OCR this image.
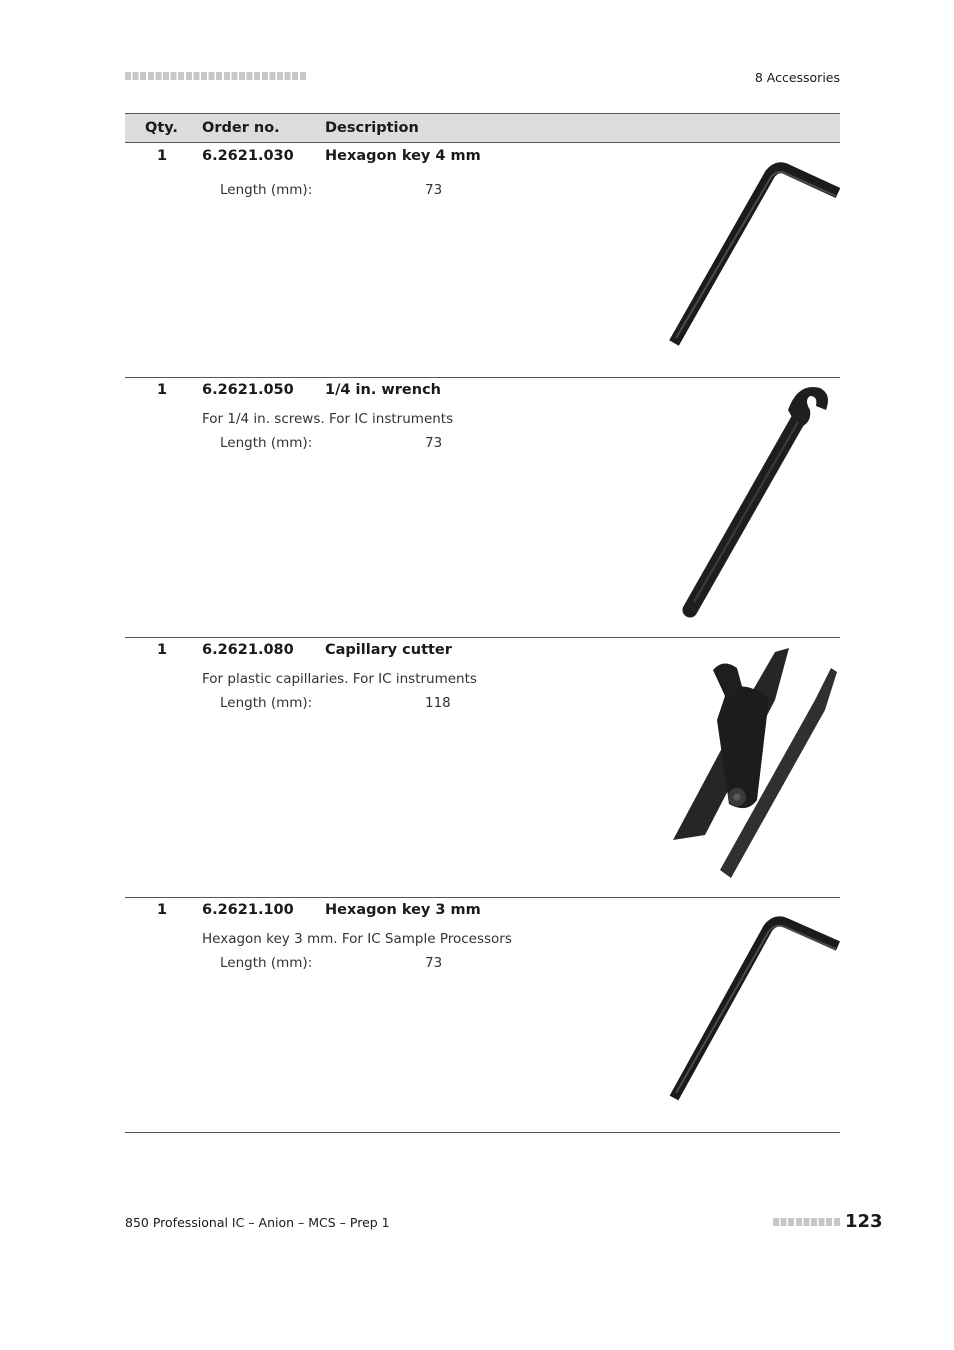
8 Accessories
Qty. Order no.	Description
1 6.2621.030 Hexagon key 4 mm
Length (mm):	73
1 6.2621.050 1/4 in. wrench
For 1/4 in. screws. For IC instruments
Length (mm):	73
1 6.2621.080 Capillary cutter
For plastic capillaries. For IC instruments
Length (mm):	118
1 6.2621.100 Hexagon key 3 mm
Hexagon key 3 mm. For IC Sample Processors
Length (mm):	73
850 Professional IC – Anion – MCS – Prep 1	123
